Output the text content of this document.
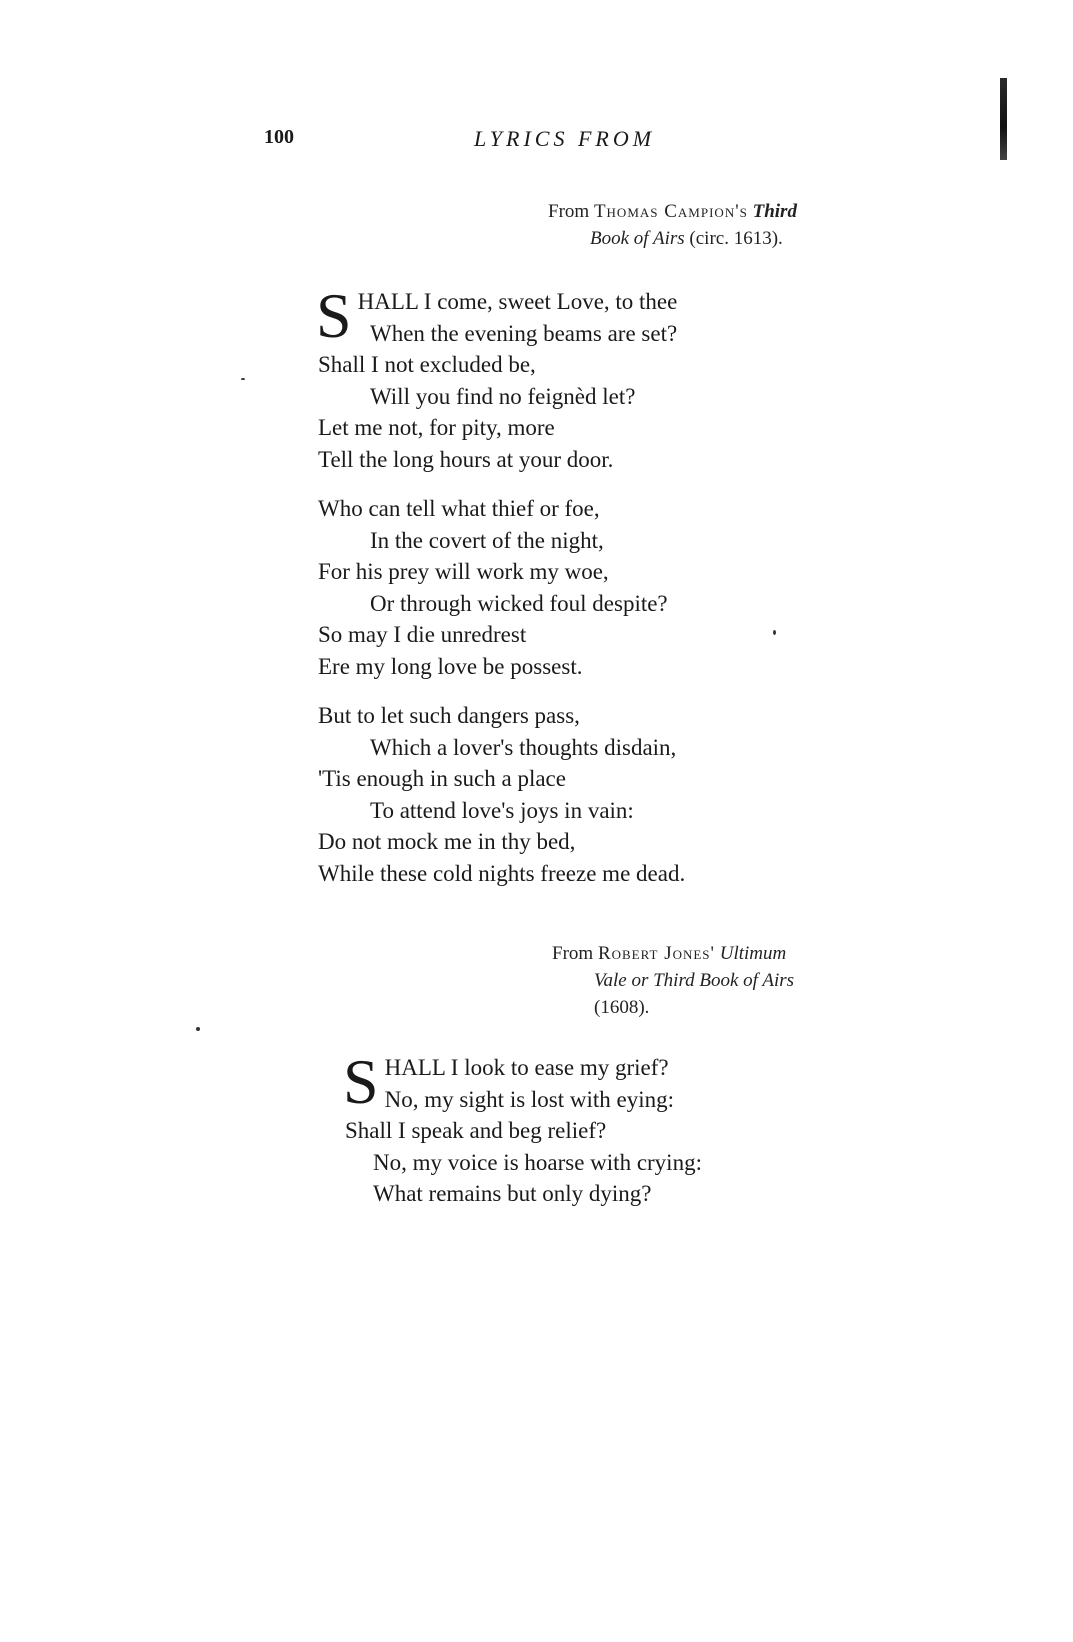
100	LYRICS FROM
From Thomas Campion's Third
Book of Airs (circ. 1613).
S HALL I come, sweet Love, to thee
When the evening beams are set?
Shall I not excluded be,
Will you find no feignèd let?
Let me not, for pity, more
Tell the long hours at your door.
Who can tell what thief or foe,
In the covert of the night,
For his prey will work my woe,
Or through wicked foul despite?
So may I die unredrest
Ere my long love be possest.
But to let such dangers pass,
Which a lover's thoughts disdain,
'Tis enough in such a place
To attend love's joys in vain:
Do not mock me in thy bed,
While these cold nights freeze me dead.
From Robert Jones' Ultimum
Vale or Third Book of Airs
(1608).
S HALL I look to ease my grief?
No, my sight is lost with eying:
Shall I speak and beg relief?
No, my voice is hoarse with crying:
What remains but only dying?
